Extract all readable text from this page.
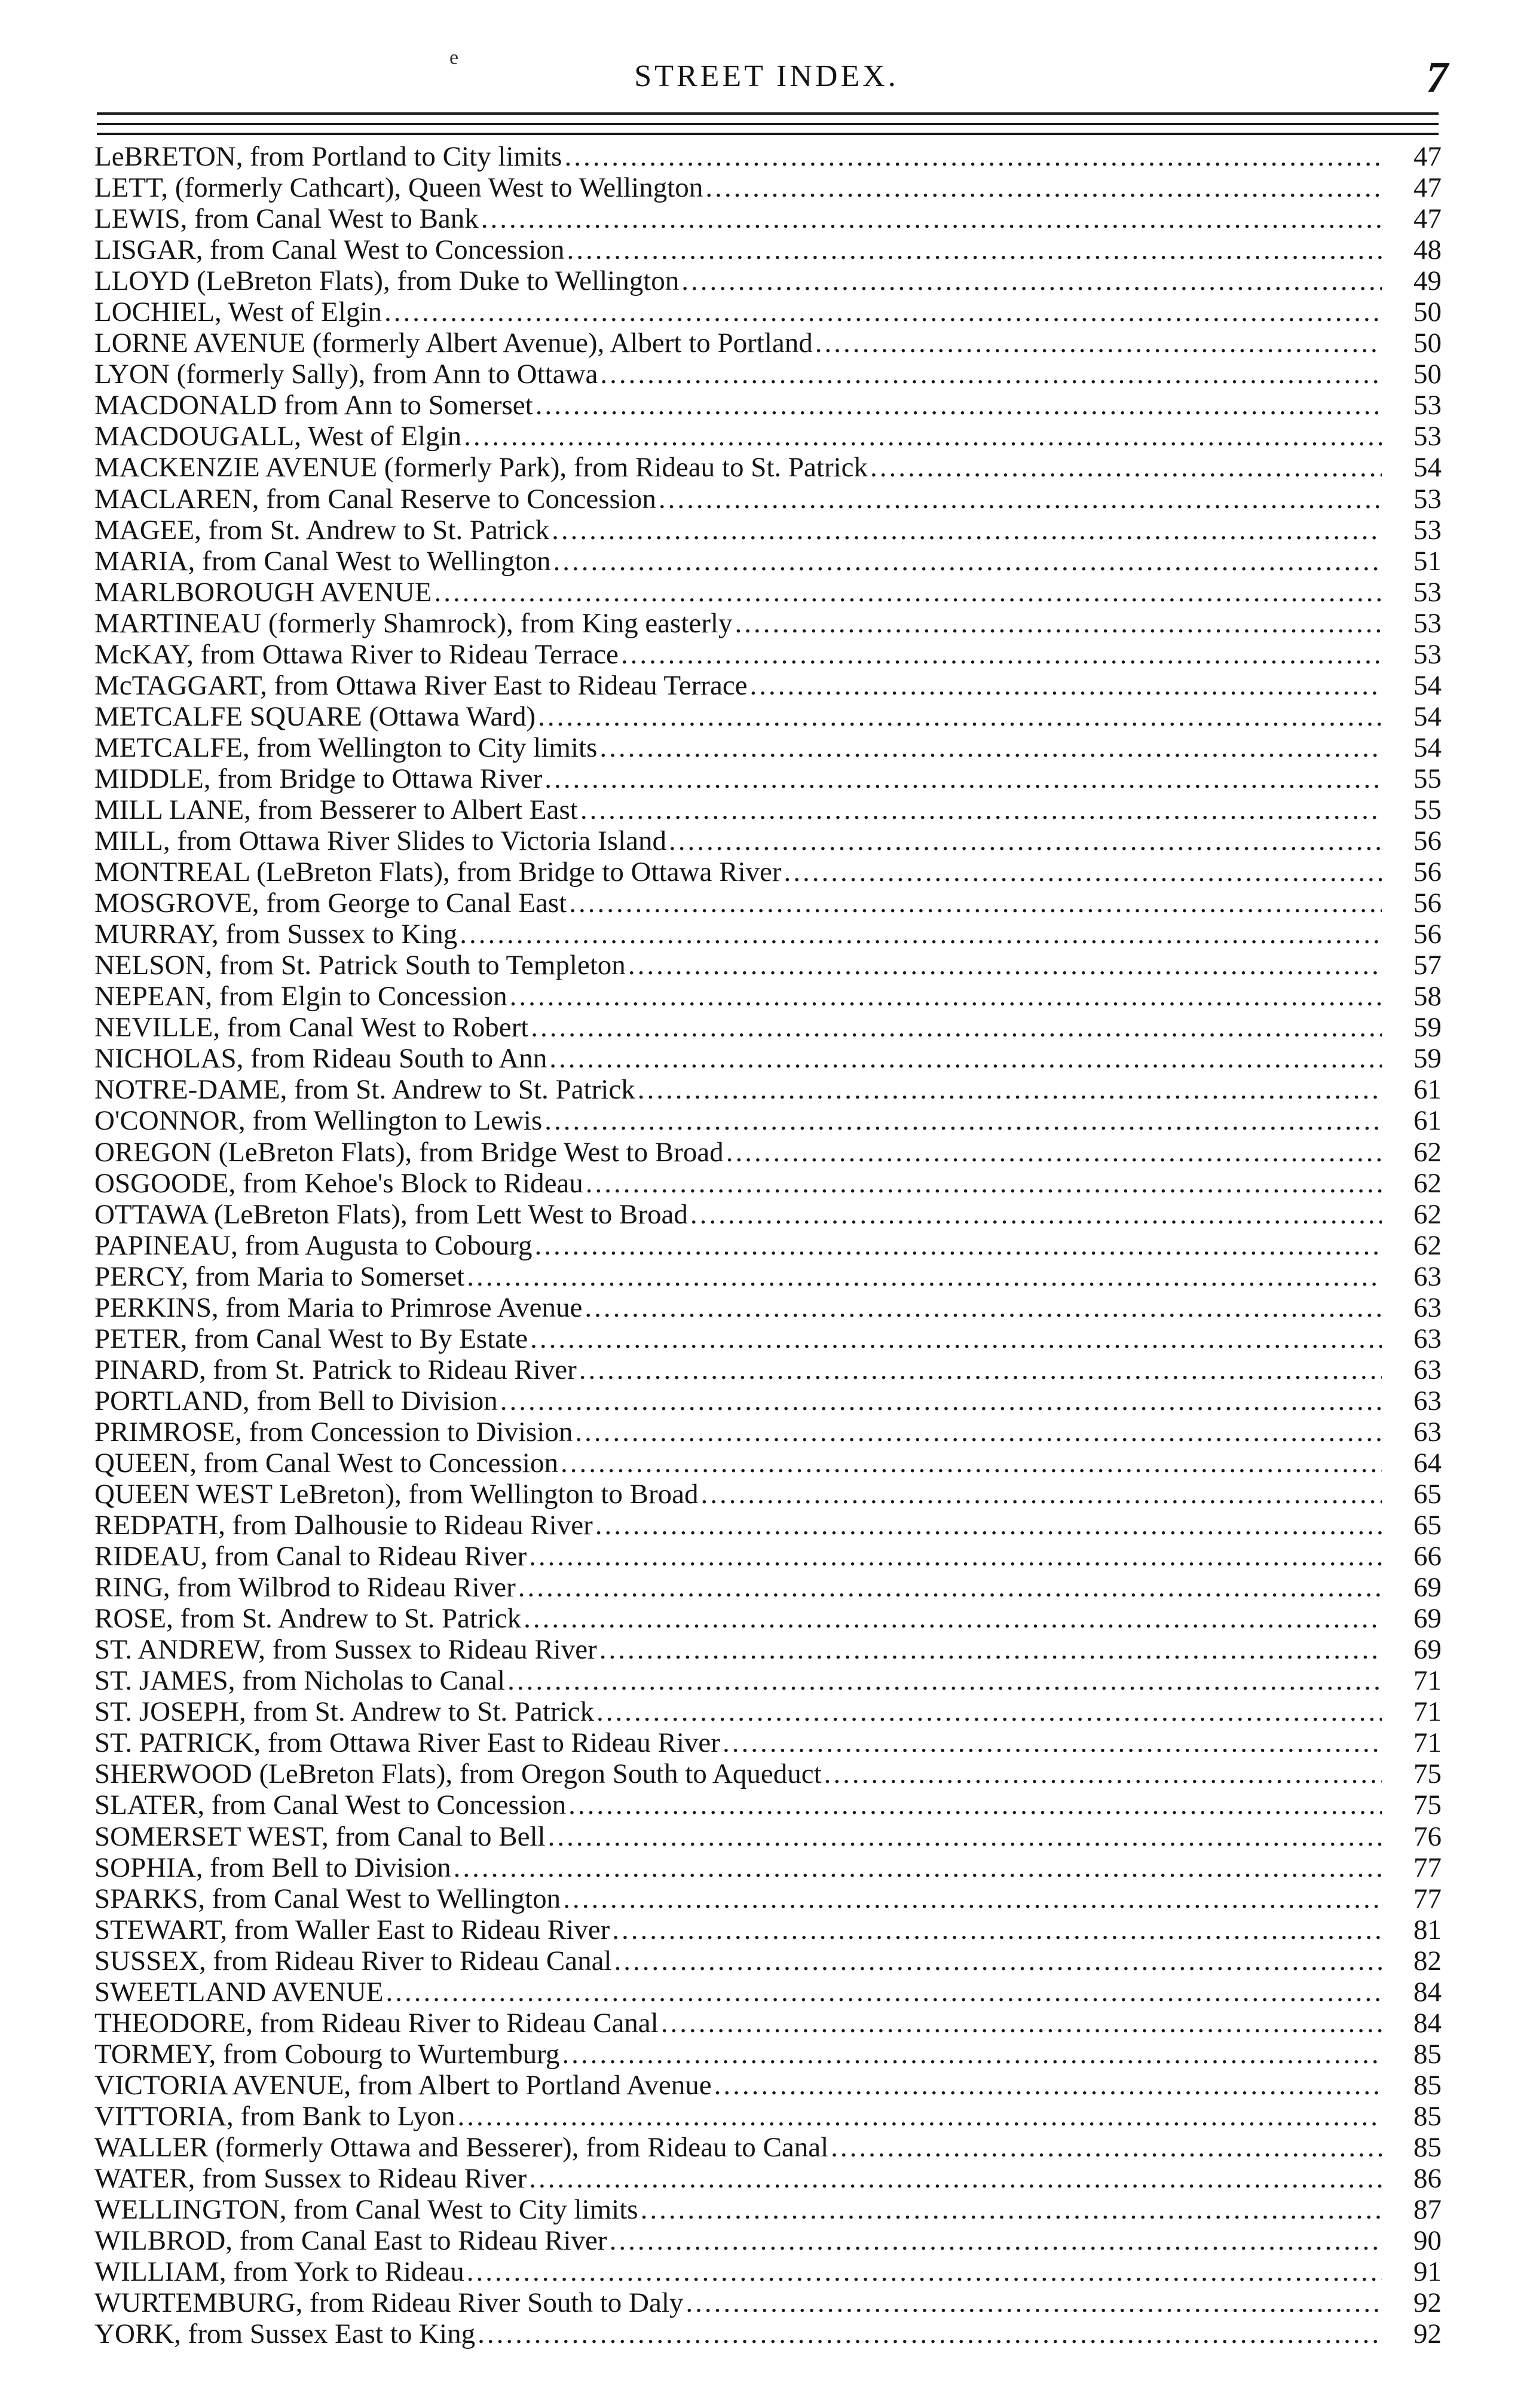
e
STREET INDEX.	7
LeBRETON, from Portland to City limits .....	47
LETT, (formerly Cathcart), Queen West to Wellington .....	47
LEWIS, from Canal West to Bank .....	47
LISGAR, from Canal West to Concession .....	48
LLOYD (LeBreton Flats), from Duke to Wellington .....	49
LOCHIEL, West of Elgin .....	50
LORNE AVENUE (formerly Albert Avenue), Albert to Portland .....	50
LYON (formerly Sally), from Ann to Ottawa .....	50
MACDONALD from Ann to Somerset .....	53
MACDOUGALL, West of Elgin .....	53
MACKENZIE AVENUE (formerly Park), from Rideau to St. Patrick .....	54
MACLAREN, from Canal Reserve to Concession .....	53
MAGEE, from St. Andrew to St. Patrick .....	53
MARIA, from Canal West to Wellington .....	51
MARLBOROUGH AVENUE .....	53
MARTINEAU (formerly Shamrock), from King easterly .....	53
McKAY, from Ottawa River to Rideau Terrace .....	53
McTAGGART, from Ottawa River East to Rideau Terrace .....	54
METCALFE SQUARE (Ottawa Ward) .....	54
METCALFE, from Wellington to City limits .....	54
MIDDLE, from Bridge to Ottawa River .....	55
MILL LANE, from Besserer to Albert East .....	55
MILL, from Ottawa River Slides to Victoria Island .....	56
MONTREAL (LeBreton Flats), from Bridge to Ottawa River .....	56
MOSGROVE, from George to Canal East .....	56
MURRAY, from Sussex to King .....	56
NELSON, from St. Patrick South to Templeton .....	57
NEPEAN, from Elgin to Concession .....	58
NEVILLE, from Canal West to Robert .....	59
NICHOLAS, from Rideau South to Ann .....	59
NOTRE-DAME, from St. Andrew to St. Patrick .....	61
O'CONNOR, from Wellington to Lewis .....	61
OREGON (LeBreton Flats), from Bridge West to Broad .....	62
OSGOODE, from Kehoe's Block to Rideau .....	62
OTTAWA (LeBreton Flats), from Lett West to Broad .....	62
PAPINEAU, from Augusta to Cobourg .....	62
PERCY, from Maria to Somerset .....	63
PERKINS, from Maria to Primrose Avenue .....	63
PETER, from Canal West to By Estate .....	63
PINARD, from St. Patrick to Rideau River .....	63
PORTLAND, from Bell to Division .....	63
PRIMROSE, from Concession to Division .....	63
QUEEN, from Canal West to Concession .....	64
QUEEN WEST LeBreton), from Wellington to Broad .....	65
REDPATH, from Dalhousie to Rideau River .....	65
RIDEAU, from Canal to Rideau River .....	66
RING, from Wilbrod to Rideau River .....	69
ROSE, from St. Andrew to St. Patrick .....	69
ST. ANDREW, from Sussex to Rideau River .....	69
ST. JAMES, from Nicholas to Canal .....	71
ST. JOSEPH, from St. Andrew to St. Patrick .....	71
ST. PATRICK, from Ottawa River East to Rideau River .....	71
SHERWOOD (LeBreton Flats), from Oregon South to Aqueduct .....	75
SLATER, from Canal West to Concession .....	75
SOMERSET WEST, from Canal to Bell .....	76
SOPHIA, from Bell to Division .....	77
SPARKS, from Canal West to Wellington .....	77
STEWART, from Waller East to Rideau River .....	81
SUSSEX, from Rideau River to Rideau Canal .....	82
SWEETLAND AVENUE .....	84
THEODORE, from Rideau River to Rideau Canal .....	84
TORMEY, from Cobourg to Wurtemburg .....	85
VICTORIA AVENUE, from Albert to Portland Avenue .....	85
VITTORIA, from Bank to Lyon .....	85
WALLER (formerly Ottawa and Besserer), from Rideau to Canal .....	85
WATER, from Sussex to Rideau River .....	86
WELLINGTON, from Canal West to City limits .....	87
WILBROD, from Canal East to Rideau River .....	90
WILLIAM, from York to Rideau .....	91
WURTEMBURG, from Rideau River South to Daly .....	92
YORK, from Sussex East to King .....	92
